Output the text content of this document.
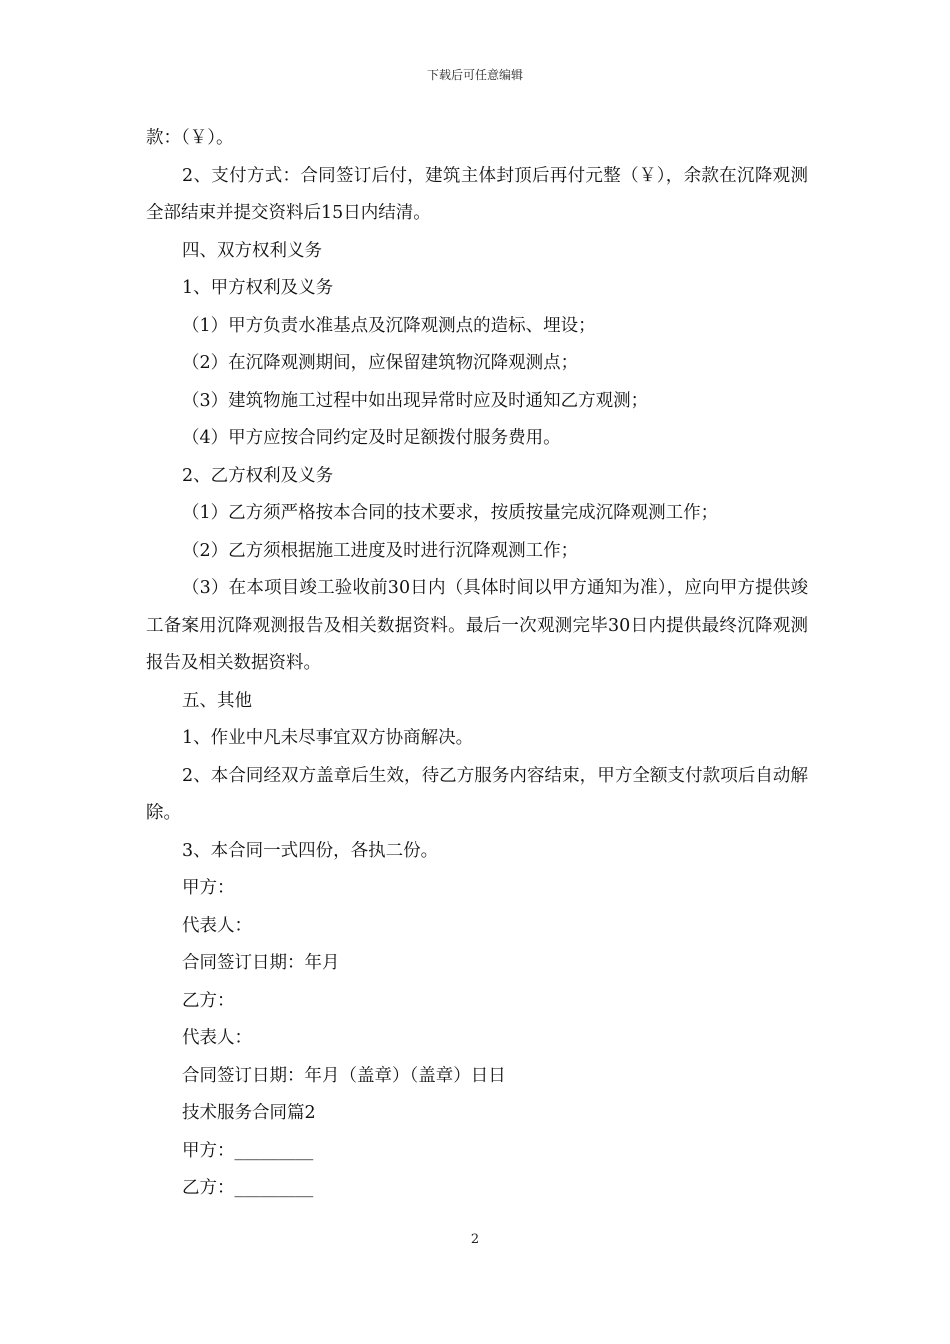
下载后可任意编辑

款：（￥）。

2、支付方式：合同签订后付，建筑主体封顶后再付元整（￥），余款在沉降观测全部结束并提交资料后15日内结清。

四、双方权利义务

1、甲方权利及义务

（1）甲方负责水准基点及沉降观测点的造标、埋设；

（2）在沉降观测期间，应保留建筑物沉降观测点；

（3）建筑物施工过程中如出现异常时应及时通知乙方观测；

（4）甲方应按合同约定及时足额拨付服务费用。

2、乙方权利及义务

（1）乙方须严格按本合同的技术要求，按质按量完成沉降观测工作；

（2）乙方须根据施工进度及时进行沉降观测工作；

（3）在本项目竣工验收前30日内（具体时间以甲方通知为准），应向甲方提供竣工备案用沉降观测报告及相关数据资料。最后一次观测完毕30日内提供最终沉降观测报告及相关数据资料。

五、其他

1、作业中凡未尽事宜双方协商解决。

2、本合同经双方盖章后生效，待乙方服务内容结束，甲方全额支付款项后自动解除。

3、本合同一式四份，各执二份。

甲方：

代表人：

合同签订日期：年月

乙方：

代表人：

合同签订日期：年月（盖章）（盖章）日日

技术服务合同篇2

甲方：_________

乙方：_________

2
